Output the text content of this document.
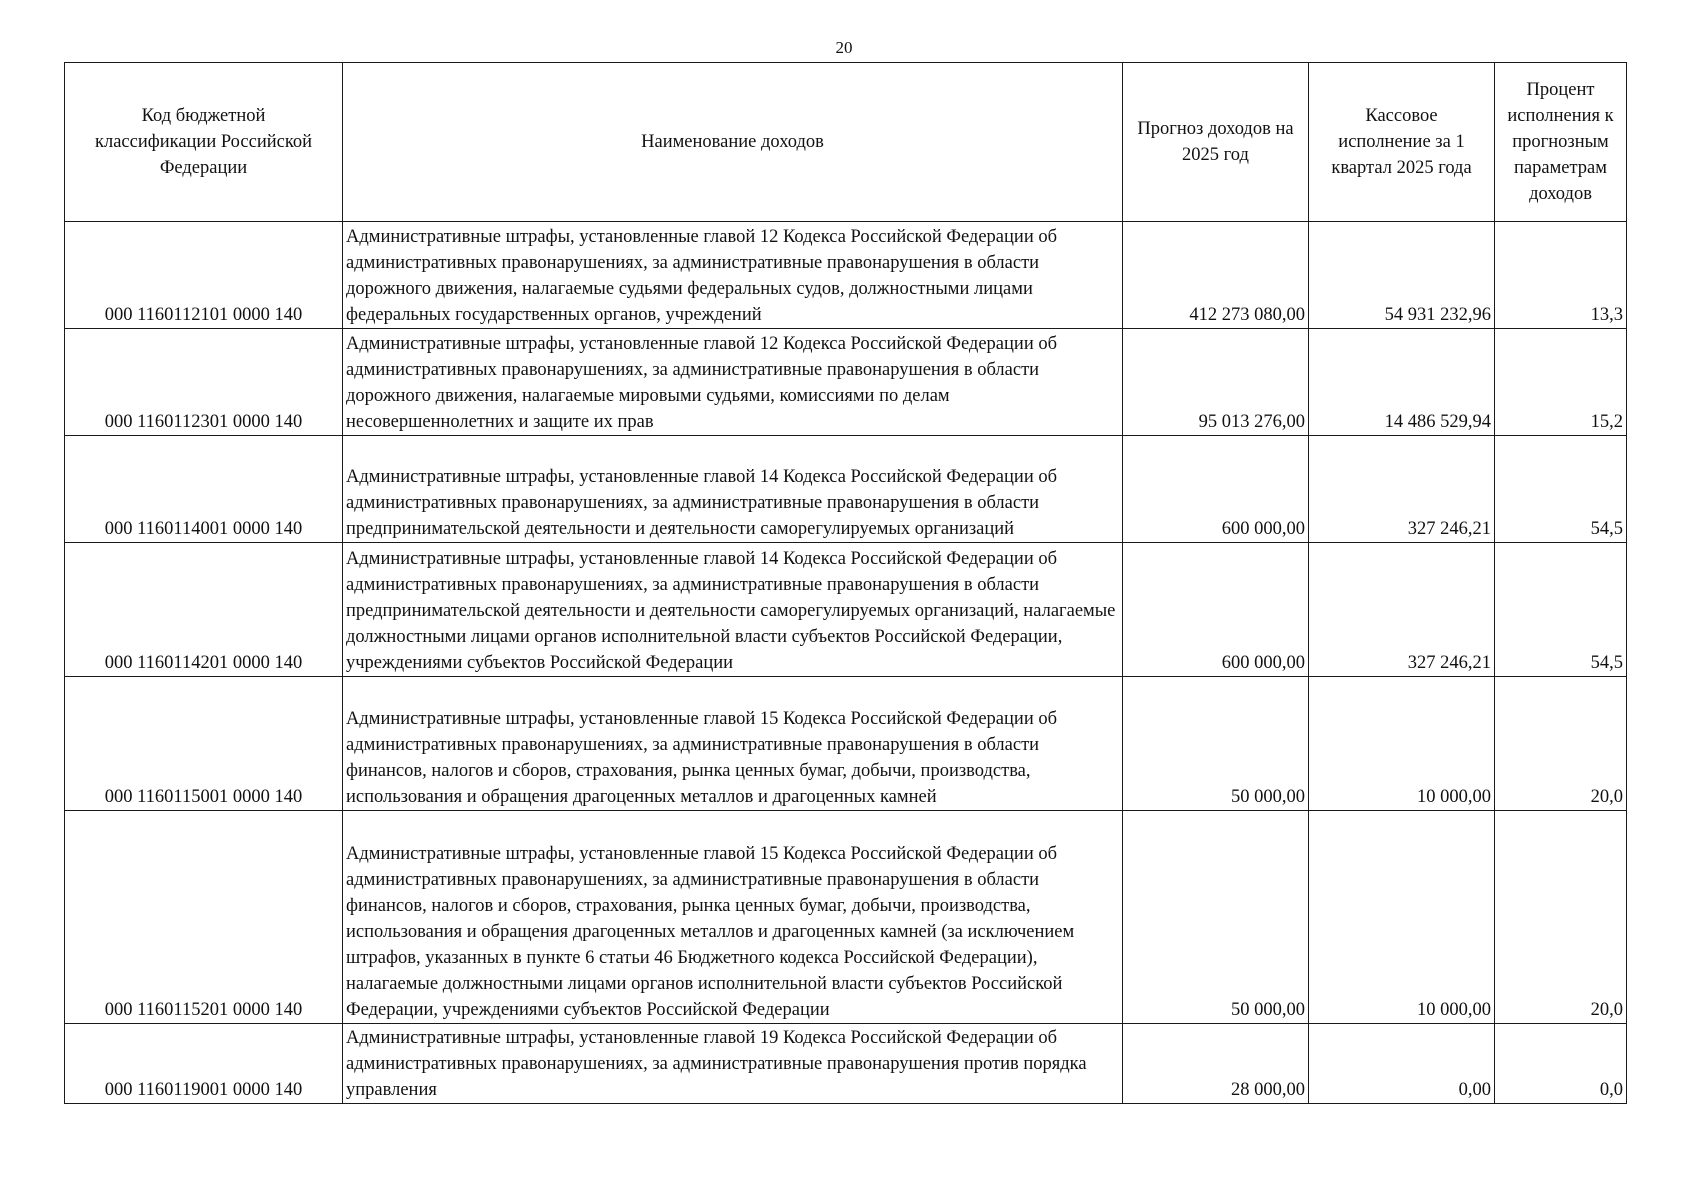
20
Код бюджетной классификации Российской Федерации	Наименование доходов	Прогноз доходов на 2025 год	Кассовое исполнение за 1 квартал 2025 года	Процент исполнения к прогнозным параметрам доходов
000 1160112101 0000 140	Административные штрафы, установленные главой 12 Кодекса Российской Федерации об административных правонарушениях, за административные правонарушения в области дорожного движения, налагаемые судьями федеральных судов, должностными лицами федеральных государственных органов, учреждений	412 273 080,00	54 931 232,96	13,3
000 1160112301 0000 140	Административные штрафы, установленные главой 12 Кодекса Российской Федерации об административных правонарушениях, за административные правонарушения в области дорожного движения, налагаемые мировыми судьями, комиссиями по делам несовершеннолетних и защите их прав	95 013 276,00	14 486 529,94	15,2
000 1160114001 0000 140	Административные штрафы, установленные главой 14 Кодекса Российской Федерации об административных правонарушениях, за административные правонарушения в области предпринимательской деятельности и деятельности саморегулируемых организаций	600 000,00	327 246,21	54,5
000 1160114201 0000 140	Административные штрафы, установленные главой 14 Кодекса Российской Федерации об административных правонарушениях, за административные правонарушения в области предпринимательской деятельности и деятельности саморегулируемых организаций, налагаемые должностными лицами органов исполнительной власти субъектов Российской Федерации, учреждениями субъектов Российской Федерации	600 000,00	327 246,21	54,5
000 1160115001 0000 140	Административные штрафы, установленные главой 15 Кодекса Российской Федерации об административных правонарушениях, за административные правонарушения в области финансов, налогов и сборов, страхования, рынка ценных бумаг, добычи, производства, использования и обращения драгоценных металлов и драгоценных камней	50 000,00	10 000,00	20,0
000 1160115201 0000 140	Административные штрафы, установленные главой 15 Кодекса Российской Федерации об административных правонарушениях, за административные правонарушения в области финансов, налогов и сборов, страхования, рынка ценных бумаг, добычи, производства, использования и обращения драгоценных металлов и драгоценных камней (за исключением штрафов, указанных в пункте 6 статьи 46 Бюджетного кодекса Российской Федерации), налагаемые должностными лицами органов исполнительной власти субъектов Российской Федерации, учреждениями субъектов Российской Федерации	50 000,00	10 000,00	20,0
000 1160119001 0000 140	Административные штрафы, установленные главой 19 Кодекса Российской Федерации об административных правонарушениях, за административные правонарушения против порядка управления	28 000,00	0,00	0,0
